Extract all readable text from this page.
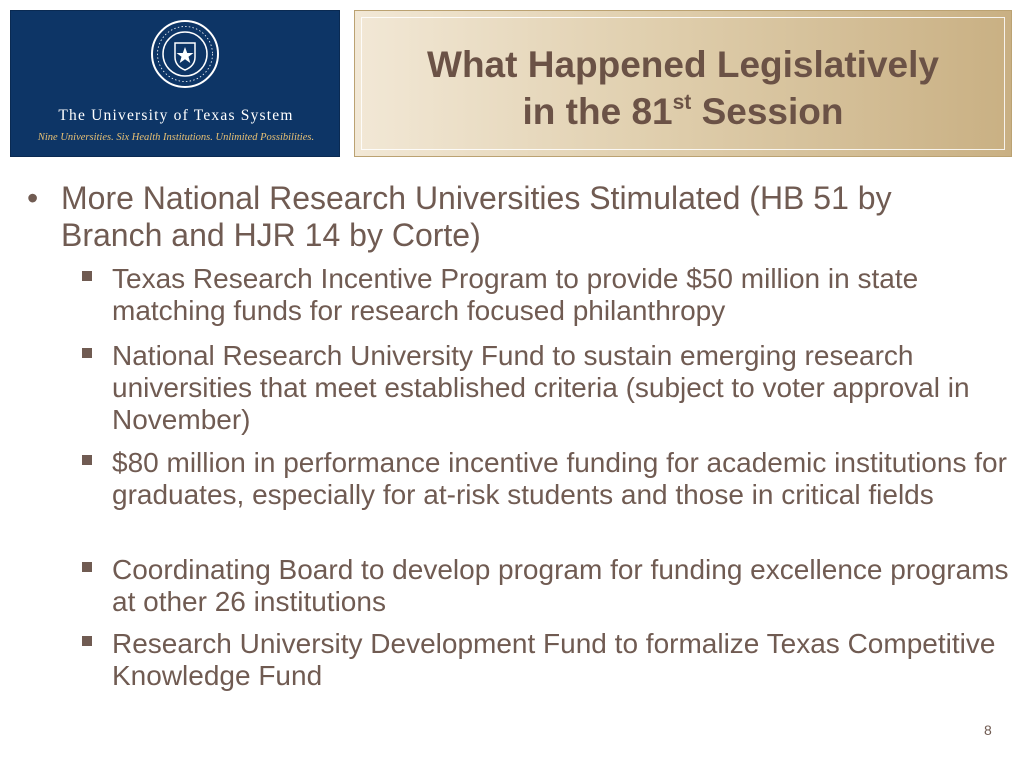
The University of Texas System
Nine Universities. Six Health Institutions. Unlimited Possibilities.
What Happened Legislatively
in the 81st Session
• More National Research Universities Stimulated (HB 51 by Branch and HJR 14 by Corte)
Texas Research Incentive Program to provide $50 million in state matching funds for research focused philanthropy
National Research University Fund to sustain emerging research universities that meet established criteria (subject to voter approval in November)
$80 million in performance incentive funding for academic institutions for graduates, especially for at-risk students and those in critical fields
Coordinating Board to develop program for funding excellence programs at other 26 institutions
Research University Development Fund to formalize Texas Competitive Knowledge Fund
8
